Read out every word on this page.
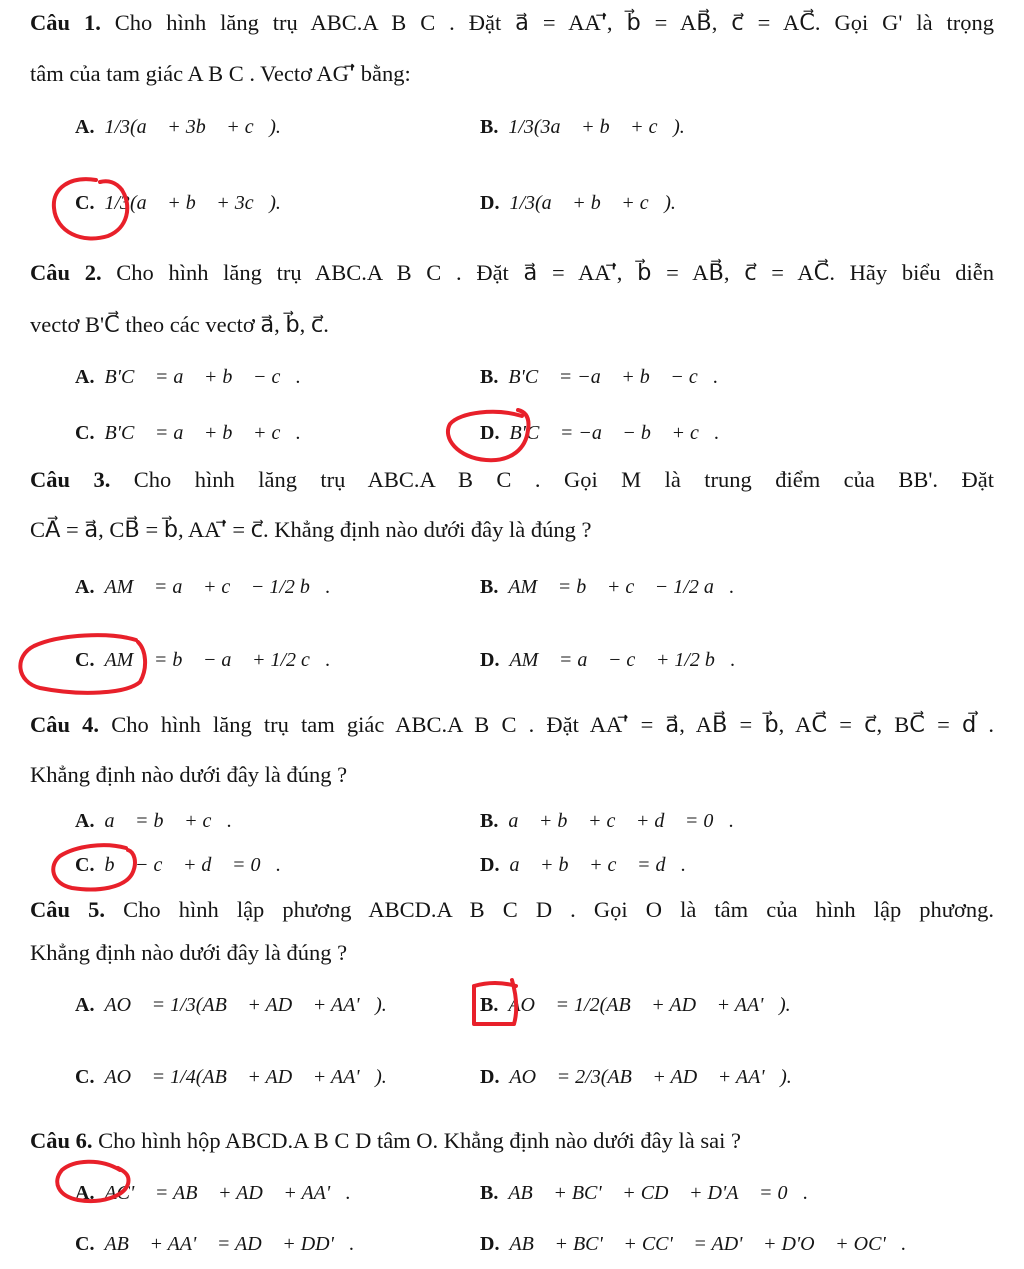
Câu 1. Cho hình lăng trụ ABC.A B C . Đặt a⃗ = AA'⃗, b⃗ = AB⃗, c⃗ = AC⃗. Gọi G' là trọng
tâm của tam giác A B C . Vectơ AG'⃗ bằng:
A. 1/3(a⃗ + 3b⃗ + c⃗).	B. 1/3(3a⃗ + b⃗ + c⃗).
C. 1/3(a⃗ + b⃗ + 3c⃗).	D. 1/3(a⃗ + b⃗ + c⃗).
Câu 2. Cho hình lăng trụ ABC.A B C . Đặt a⃗ = AA'⃗, b⃗ = AB⃗, c⃗ = AC⃗. Hãy biểu diễn
vectơ B'C⃗ theo các vectơ a⃗, b⃗, c⃗.
A. B'C⃗ = a⃗ + b⃗ − c⃗.	B. B'C⃗ = −a⃗ + b⃗ − c⃗.
C. B'C⃗ = a⃗ + b⃗ + c⃗.	D. B'C⃗ = −a⃗ − b⃗ + c⃗.
Câu 3. Cho hình lăng trụ ABC.A B C . Gọi M là trung điểm của BB'. Đặt
CA⃗ = a⃗, CB⃗ = b⃗, AA'⃗ = c⃗. Khẳng định nào dưới đây là đúng ?
A. AM⃗ = a⃗ + c⃗ − 1/2 b⃗.	B. AM⃗ = b⃗ + c⃗ − 1/2 a⃗.
C. AM⃗ = b⃗ − a⃗ + 1/2 c⃗.	D. AM⃗ = a⃗ − c⃗ + 1/2 b⃗.
Câu 4. Cho hình lăng trụ tam giác ABC.A B C . Đặt AA'⃗ = a⃗, AB⃗ = b⃗, AC⃗ = c⃗, BC⃗ = d⃗ .
Khẳng định nào dưới đây là đúng ?
A. a⃗ = b⃗ + c⃗.	B. a⃗ + b⃗ + c⃗ + d⃗ = 0⃗.
C. b⃗ − c⃗ + d⃗ = 0⃗.	D. a⃗ + b⃗ + c⃗ = d⃗.
Câu 5. Cho hình lập phương ABCD.A B C D . Gọi O là tâm của hình lập phương.
Khẳng định nào dưới đây là đúng ?
A. AO⃗ = 1/3(AB⃗ + AD⃗ + AA'⃗).	B. AO⃗ = 1/2(AB⃗ + AD⃗ + AA'⃗).
C. AO⃗ = 1/4(AB⃗ + AD⃗ + AA'⃗).	D. AO⃗ = 2/3(AB⃗ + AD⃗ + AA'⃗).
Câu 6. Cho hình hộp ABCD.A B C D tâm O. Khẳng định nào dưới đây là sai ?
A. AC'⃗ = AB⃗ + AD⃗ + AA'⃗.	B. AB⃗ + BC'⃗ + CD⃗ + D'A⃗ = 0⃗.
C. AB⃗ + AA'⃗ = AD⃗ + DD'⃗.	D. AB⃗ + BC'⃗ + CC'⃗ = AD'⃗ + D'O⃗ + OC'⃗.
